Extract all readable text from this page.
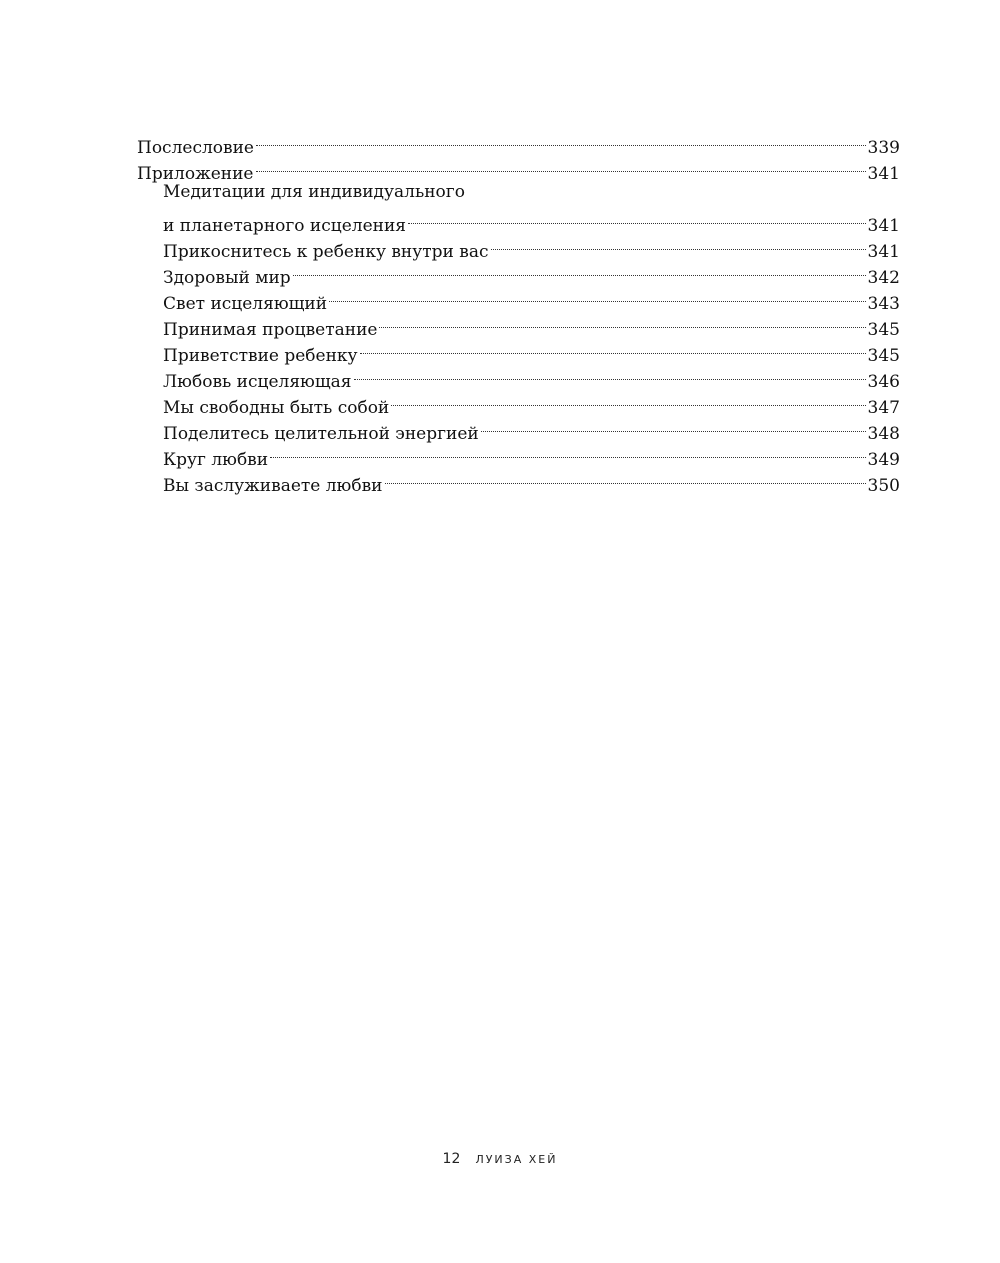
Послесловие	339
Приложение	341
Медитации для индивидуального
и планетарного исцеления	341
Прикоснитесь к ребенку внутри вас	341
Здоровый мир	342
Свет исцеляющий	343
Принимая процветание	345
Приветствие ребенку	345
Любовь исцеляющая	346
Мы свободны быть собой	347
Поделитесь целительной энергией	348
Круг любви	349
Вы заслуживаете любви	350
12 ЛУИЗА ХЕЙ
